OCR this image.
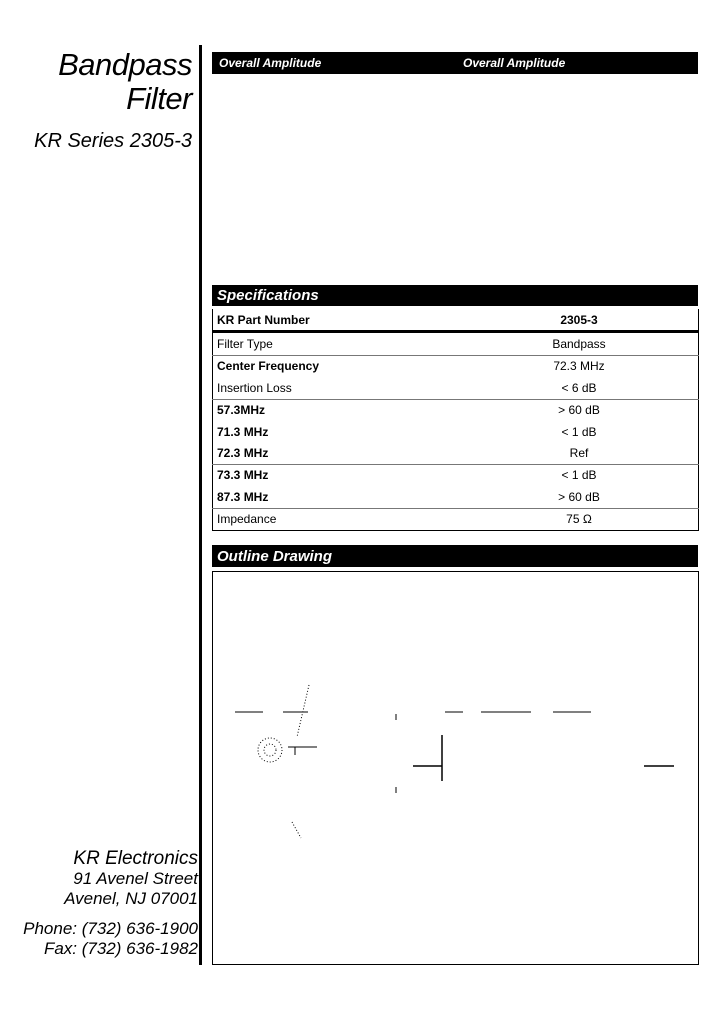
Bandpass
Filter
KR Series 2305-3
KR Electronics
91 Avenel Street
Avenel, NJ 07001
Phone: (732) 636-1900
Fax: (732) 636-1982
Overall Amplitude	Overall Amplitude
Specifications
KR Part Number	2305-3
Filter Type	Bandpass
Center Frequency	72.3 MHz
Insertion Loss	< 6 dB
57.3MHz	> 60 dB
71.3 MHz	< 1 dB
72.3 MHz	Ref
73.3 MHz	< 1 dB
87.3 MHz	> 60 dB
Impedance	75 Ω
Outline Drawing
